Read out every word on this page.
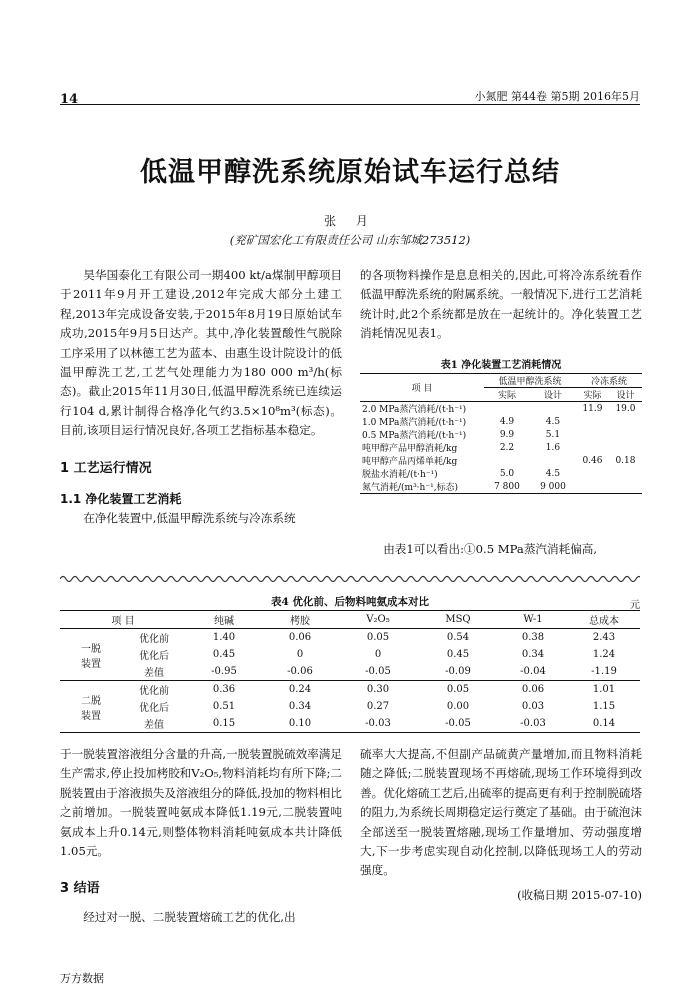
14	小氮肥 第44卷 第5期 2016年5月
低温甲醇洗系统原始试车运行总结
张 月
(兖矿国宏化工有限责任公司 山东邹城273512)

昊华国泰化工有限公司一期400 kt/a煤制甲醇项目于2011年9月开工建设,2012年完成大部分土建工程,2013年完成设备安装,于2015年8月19日原始试车成功,2015年9月5日达产。其中,净化装置酸性气脱除工序采用了以林德工艺为蓝本、由惠生设计院设计的低温甲醇洗工艺,工艺气处理能力为180 000 m³/h(标态)。截止2015年11月30日,低温甲醇洗系统已连续运行104 d,累计制得合格净化气约3.5×10⁸m³(标态)。目前,该项目运行情况良好,各项工艺指标基本稳定。

1 工艺运行情况
1.1 净化装置工艺消耗

在净化装置中,低温甲醇洗系统与冷冻系统

的各项物料操作是息息相关的,因此,可将冷冻系统看作低温甲醇洗系统的附属系统。一般情况下,进行工艺消耗统计时,此2个系统都是放在一起统计的。净化装置工艺消耗情况见表1。

表1 净化装置工艺消耗情况
项 目	低温甲醇洗系统		冷冻系统	
	实际	设计	实际	设计
2.0 MPa蒸汽消耗/(t·h⁻¹)			11.9	19.0
1.0 MPa蒸汽消耗/(t·h⁻¹)	4.9	4.5		
0.5 MPa蒸汽消耗/(t·h⁻¹)	9.9	5.1		
吨甲醇产品甲醇消耗/kg	2.2	1.6		
吨甲醇产品丙烯单耗/kg			0.46	0.18
脱盐水消耗/(t·h⁻¹)	5.0	4.5		
氮气消耗/(m³·h⁻¹,标态)	7 800	9 000		

由表1可以看出:①0.5 MPa蒸汽消耗偏高,

表4 优化前、后物料吨氨成本对比	元
项 目		纯碱	栲胶	V₂O₅	MSQ	W-1	总成本

一脱
装置	优化前	1.40	0.06	0.05	0.54	0.38	2.43
	优化后	0.45	0	0	0.45	0.34	1.24
	差值	-0.95	-0.06	-0.05	-0.09	-0.04	-1.19

二脱
装置	优化前	0.36	0.24	0.30	0.05	0.06	1.01
	优化后	0.51	0.34	0.27	0.00	0.03	1.15
	差值	0.15	0.10	-0.03	-0.05	-0.03	0.14

于一脱装置溶液组分含量的升高,一脱装置脱硫效率满足生产需求,停止投加栲胶和V₂O₅,物料消耗均有所下降;二脱装置由于溶液损失及溶液组分的降低,投加的物料相比之前增加。一脱装置吨氨成本降低1.19元,二脱装置吨氨成本上升0.14元,则整体物料消耗吨氨成本共计降低1.05元。

3 结语

经过对一脱、二脱装置熔硫工艺的优化,出

硫率大大提高,不但副产品硫黄产量增加,而且物料消耗随之降低;二脱装置现场不再熔硫,现场工作环境得到改善。优化熔硫工艺后,出硫率的提高更有利于控制脱硫塔的阻力,为系统长周期稳定运行奠定了基础。由于硫泡沫全部送至一脱装置熔融,现场工作量增加、劳动强度增大,下一步考虑实现自动化控制,以降低现场工人的劳动强度。

(收稿日期 2015-07-10)
万方数据
